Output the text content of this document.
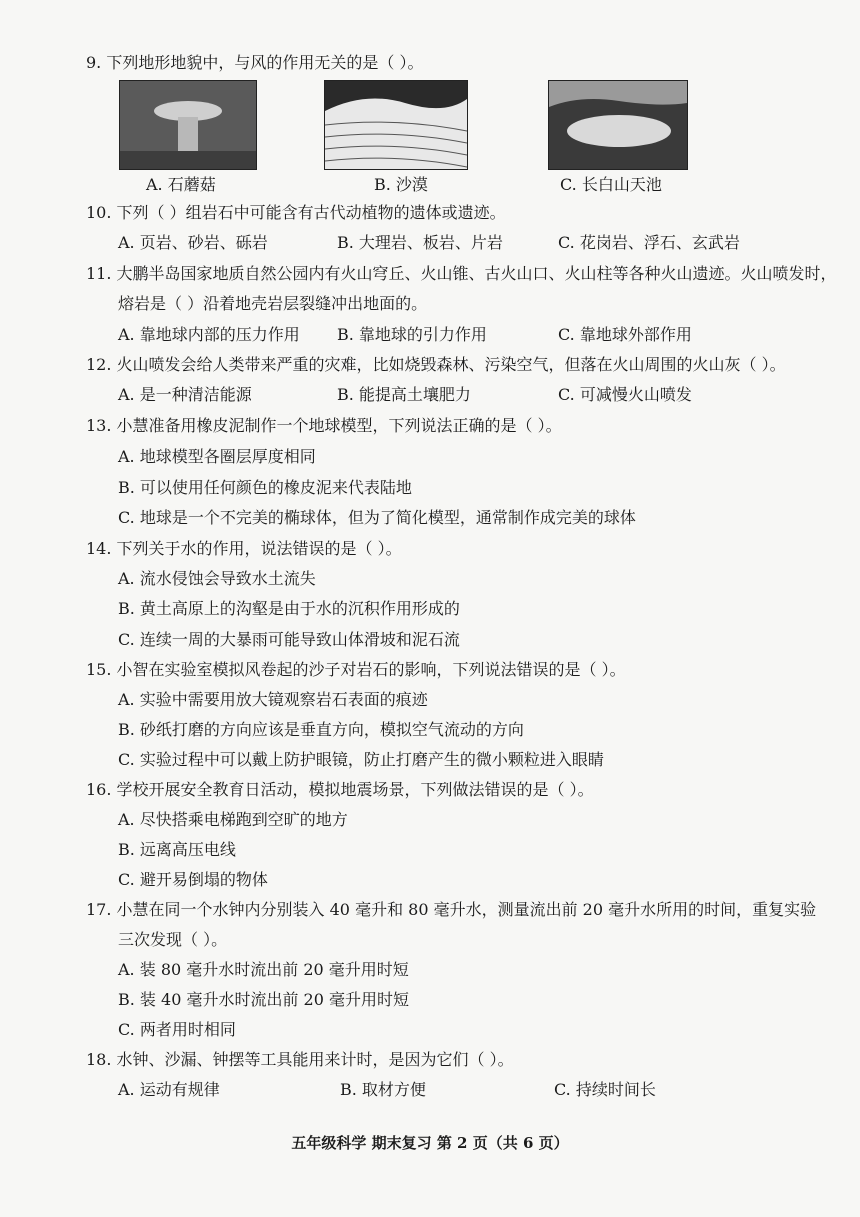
9. 下列地形地貌中，与风的作用无关的是（ ）。
A. 石蘑菇	B. 沙漠	C. 长白山天池
10. 下列（ ）组岩石中可能含有古代动植物的遗体或遗迹。
A. 页岩、砂岩、砾岩	B. 大理岩、板岩、片岩	C. 花岗岩、浮石、玄武岩
11. 大鹏半岛国家地质自然公园内有火山穹丘、火山锥、古火山口、火山柱等各种火山遗迹。火山喷发时，
熔岩是（ ）沿着地壳岩层裂缝冲出地面的。
A. 靠地球内部的压力作用 B. 靠地球的引力作用	C. 靠地球外部作用
12. 火山喷发会给人类带来严重的灾难，比如烧毁森林、污染空气，但落在火山周围的火山灰（ ）。
A. 是一种清洁能源	B. 能提高土壤肥力	C. 可减慢火山喷发
13. 小慧准备用橡皮泥制作一个地球模型，下列说法正确的是（ ）。
A. 地球模型各圈层厚度相同
B. 可以使用任何颜色的橡皮泥来代表陆地
C. 地球是一个不完美的椭球体，但为了简化模型，通常制作成完美的球体
14. 下列关于水的作用，说法错误的是（ ）。
A. 流水侵蚀会导致水土流失
B. 黄土高原上的沟壑是由于水的沉积作用形成的
C. 连续一周的大暴雨可能导致山体滑坡和泥石流
15. 小智在实验室模拟风卷起的沙子对岩石的影响，下列说法错误的是（ ）。
A. 实验中需要用放大镜观察岩石表面的痕迹
B. 砂纸打磨的方向应该是垂直方向，模拟空气流动的方向
C. 实验过程中可以戴上防护眼镜，防止打磨产生的微小颗粒进入眼睛
16. 学校开展安全教育日活动，模拟地震场景，下列做法错误的是（ ）。
A. 尽快搭乘电梯跑到空旷的地方
B. 远离高压电线
C. 避开易倒塌的物体
17. 小慧在同一个水钟内分别装入 40 毫升和 80 毫升水，测量流出前 20 毫升水所用的时间，重复实验
三次发现（ ）。
A. 装 80 毫升水时流出前 20 毫升用时短
B. 装 40 毫升水时流出前 20 毫升用时短
C. 两者用时相同
18. 水钟、沙漏、钟摆等工具能用来计时，是因为它们（ ）。
A. 运动有规律	B. 取材方便	C. 持续时间长
五年级科学 期末复习 第 2 页（共 6 页）
